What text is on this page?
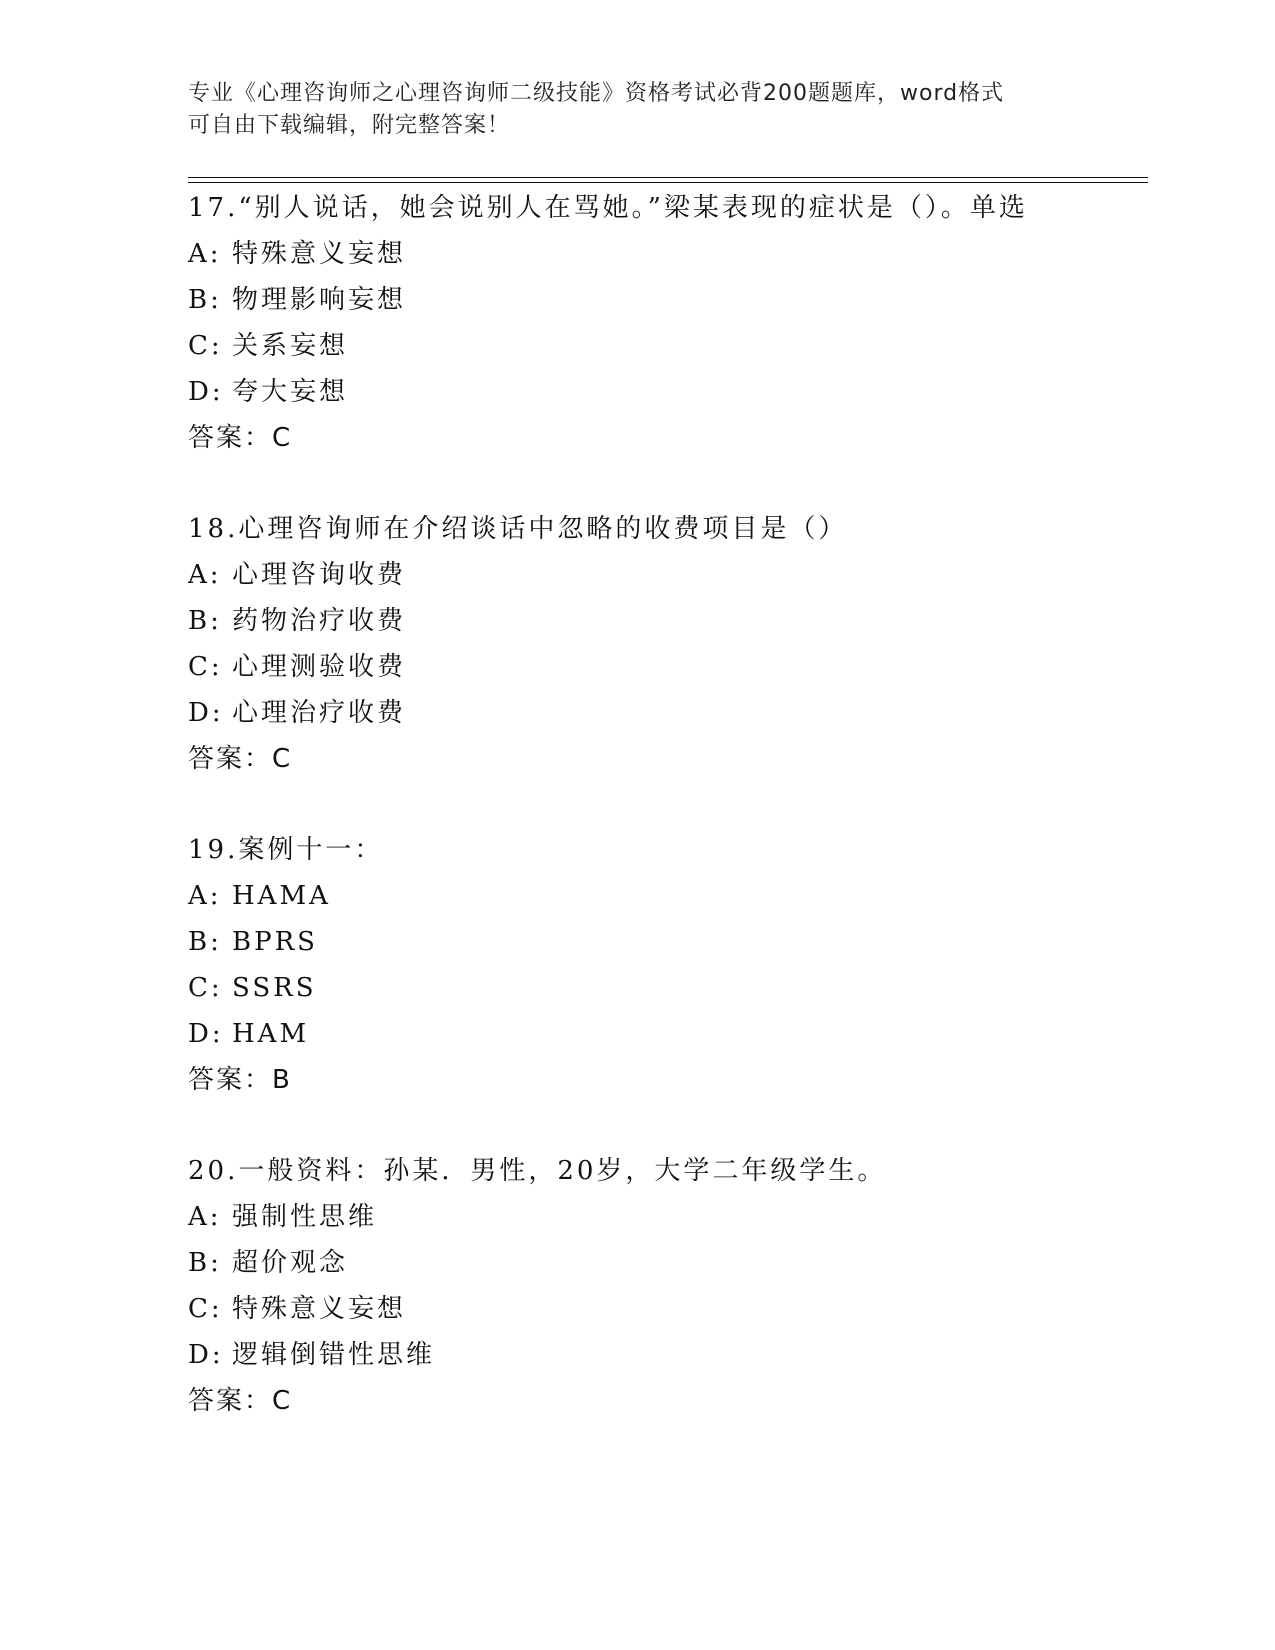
专业《心理咨询师之心理咨询师二级技能》资格考试必背200题题库，word格式
可自由下载编辑，附完整答案！

17.“别人说话，她会说别人在骂她。”梁某表现的症状是（）。单选

A: 特殊意义妄想

B: 物理影响妄想

C: 关系妄想

D: 夸大妄想

答案：C

18.心理咨询师在介绍谈话中忽略的收费项目是（）

A: 心理咨询收费

B: 药物治疗收费

C: 心理测验收费

D: 心理治疗收费

答案：C

19.案例十一：

A: HAMA

B: BPRS

C: SSRS

D: HAM

答案：B

20.一般资料：孙某．男性，20岁，大学二年级学生。

A: 强制性思维

B: 超价观念

C: 特殊意义妄想

D: 逻辑倒错性思维

答案：C
